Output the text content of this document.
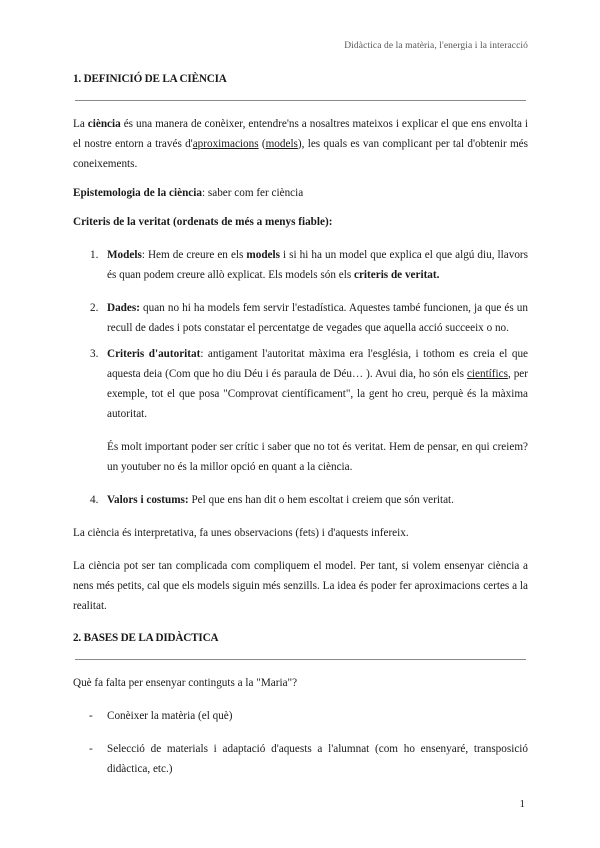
Didàctica de la matèria, l'energia i la interacció
1. DEFINICIÓ DE LA CIÈNCIA

La ciència és una manera de conèixer, entendre'ns a nosaltres mateixos i explicar el que ens envolta i el nostre entorn a través d'aproximacions (models), les quals es van complicant per tal d'obtenir més coneixements.

Epistemologia de la ciència: saber com fer ciència

Criteris de la veritat (ordenats de més a menys fiable):

1. Models: Hem de creure en els models i si hi ha un model que explica el que algú diu, llavors és quan podem creure allò explicat. Els models són els criteris de veritat.
2. Dades: quan no hi ha models fem servir l'estadística. Aquestes també funcionen, ja que és un recull de dades i pots constatar el percentatge de vegades que aquella acció succeeix o no.
3. Criteris d'autoritat: antigament l'autoritat màxima era l'església, i tothom es creia el que aquesta deia (Com que ho diu Déu i és paraula de Déu… ). Avui dia, ho són els científics, per exemple, tot el que posa "Comprovat científicament", la gent ho creu, perquè és la màxima autoritat.
És molt important poder ser crític i saber que no tot és veritat. Hem de pensar, en qui creiem? un youtuber no és la millor opció en quant a la ciència.
4. Valors i costums: Pel que ens han dit o hem escoltat i creiem que són veritat.

La ciència és interpretativa, fa unes observacions (fets) i d'aquests infereix.

La ciència pot ser tan complicada com compliquem el model. Per tant, si volem ensenyar ciència a nens més petits, cal que els models siguin més senzills. La idea és poder fer aproximacions certes a la realitat.

2. BASES DE LA DIDÀCTICA

Què fa falta per ensenyar continguts a la "Maria"?

- Conèixer la matèria (el què)
- Selecció de materials i adaptació d'aquests a l'alumnat (com ho ensenyaré, transposició didàctica, etc.)
1
